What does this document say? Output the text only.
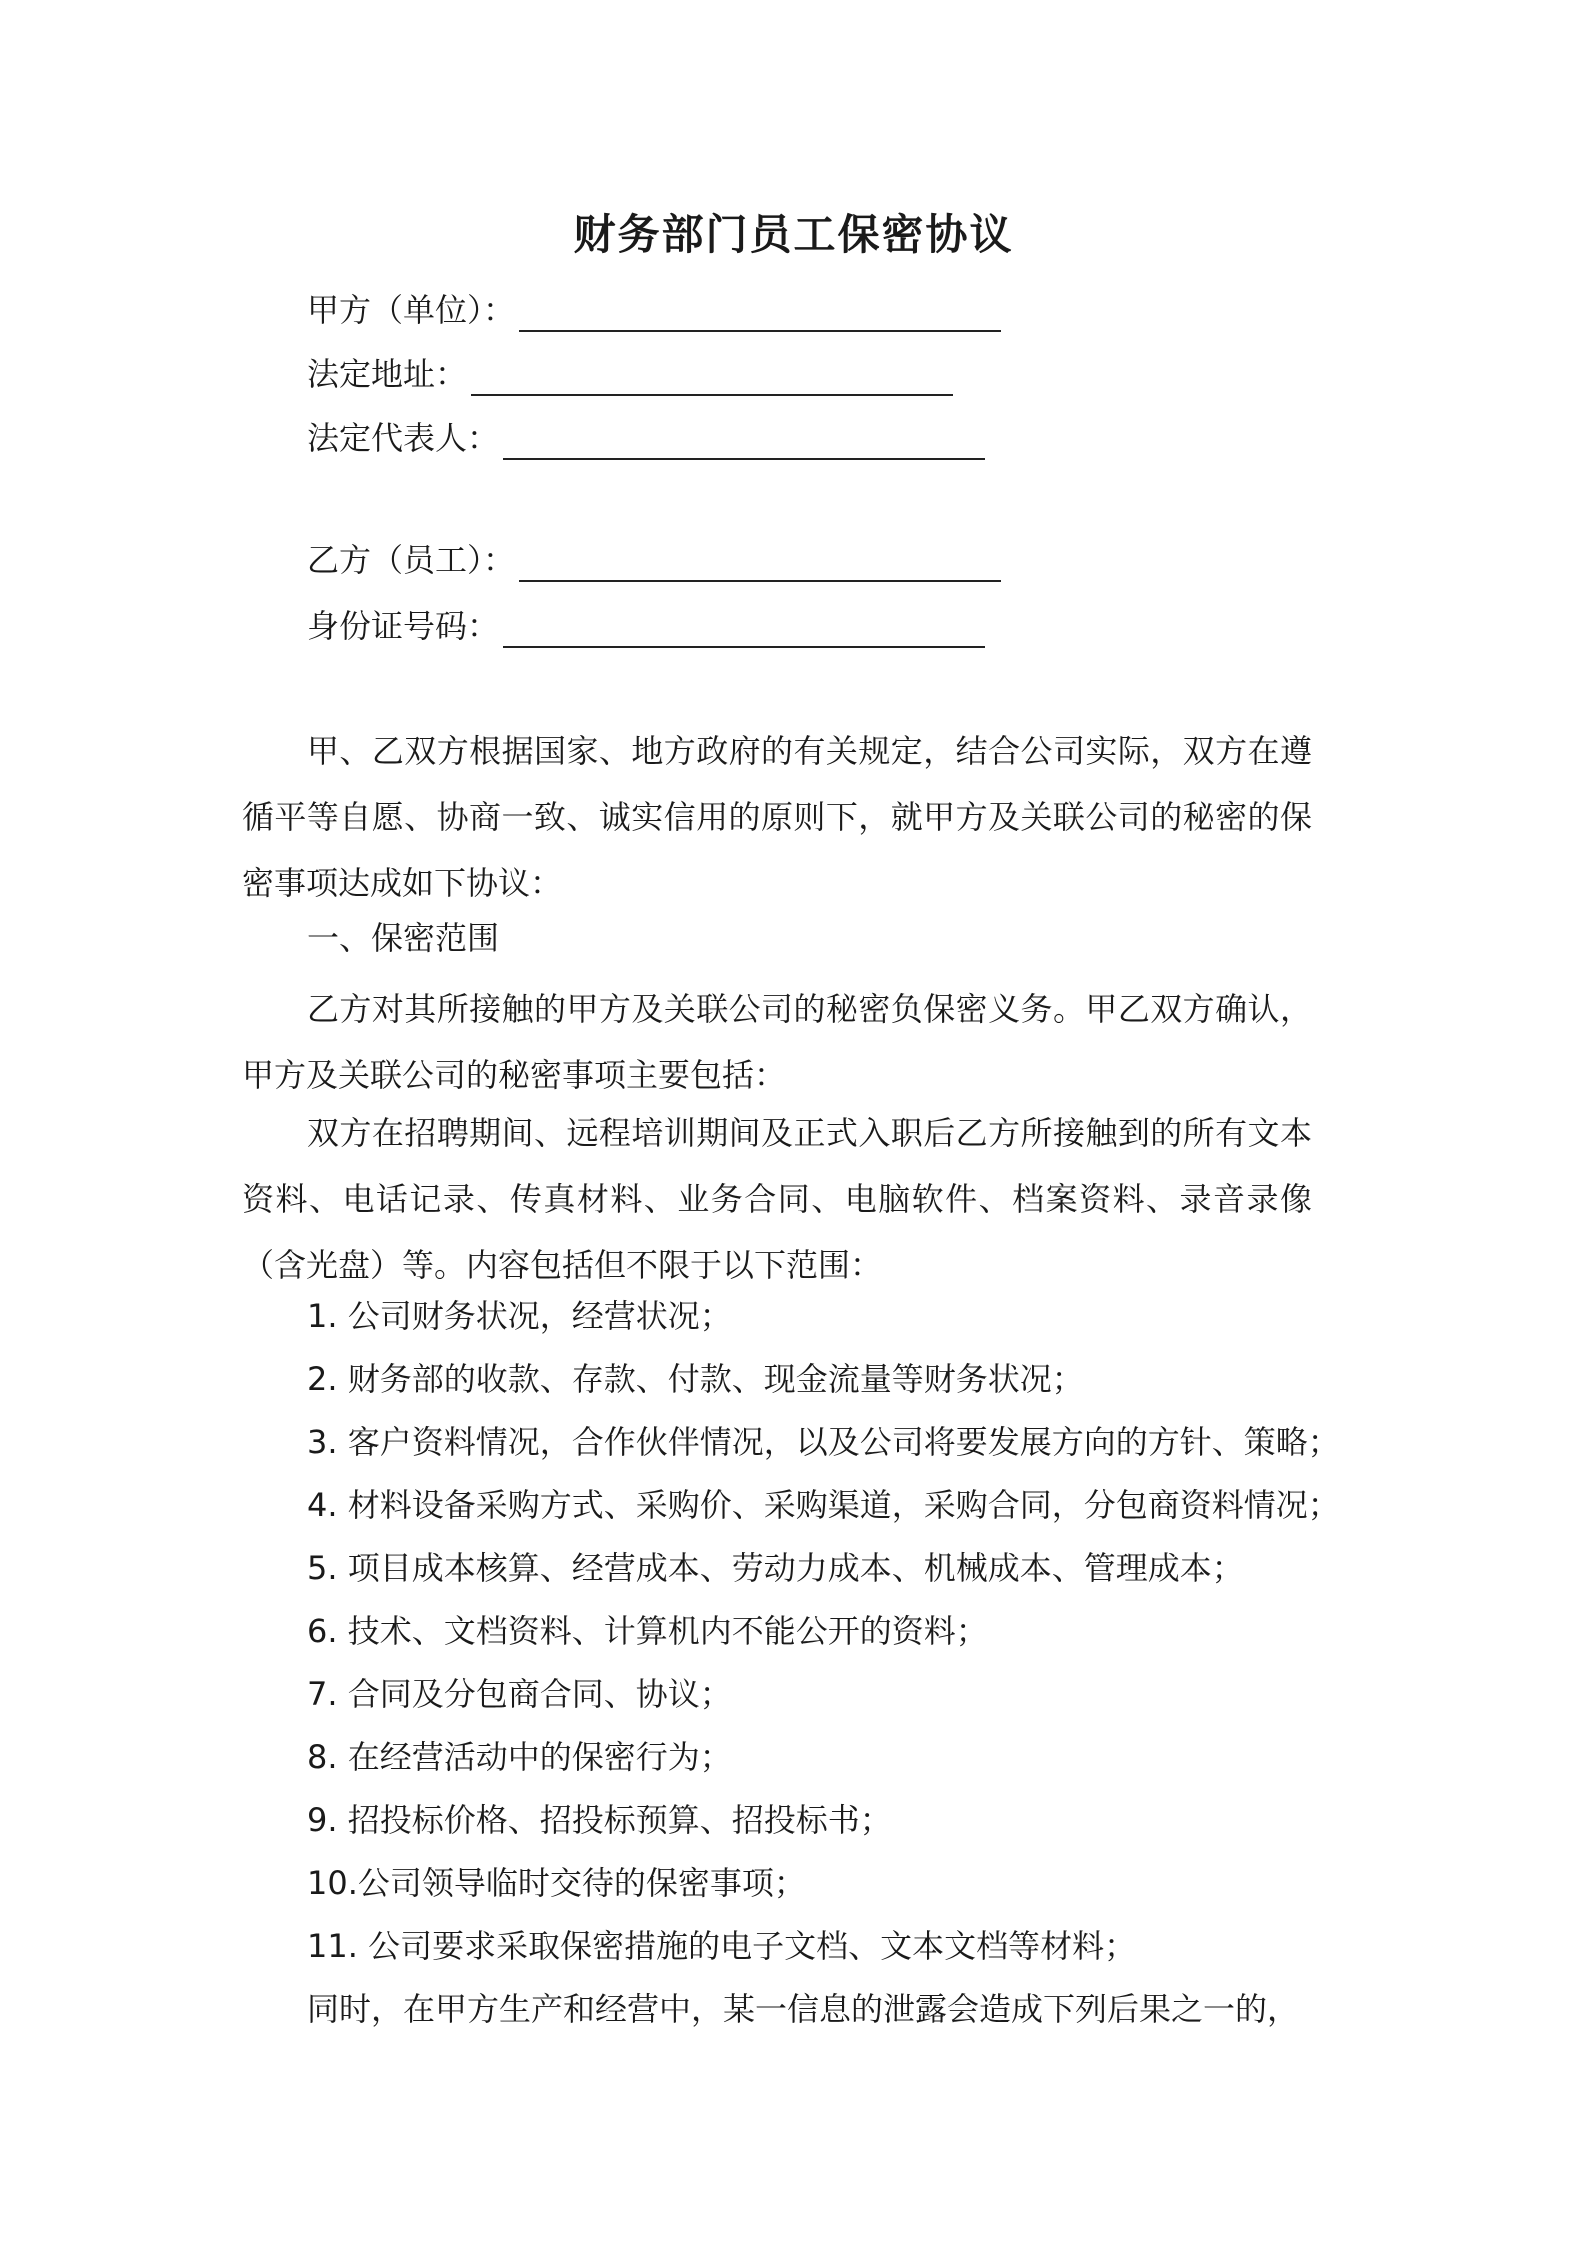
财务部门员工保密协议
甲方（单位）：
法定地址：
法定代表人：
乙方（员工）：
身份证号码：

甲、乙双方根据国家、地方政府的有关规定，结合公司实际，双方在遵循平等自愿、协商一致、诚实信用的原则下，就甲方及关联公司的秘密的保密事项达成如下协议：

一、保密范围

乙方对其所接触的甲方及关联公司的秘密负保密义务。甲乙双方确认，甲方及关联公司的秘密事项主要包括：

双方在招聘期间、远程培训期间及正式入职后乙方所接触到的所有文本资料、电话记录、传真材料、业务合同、电脑软件、档案资料、录音录像（含光盘）等。内容包括但不限于以下范围：

1. 公司财务状况，经营状况；
2. 财务部的收款、存款、付款、现金流量等财务状况；
3. 客户资料情况，合作伙伴情况，以及公司将要发展方向的方针、策略；
4. 材料设备采购方式、采购价、采购渠道，采购合同，分包商资料情况；
5. 项目成本核算、经营成本、劳动力成本、机械成本、管理成本；
6. 技术、文档资料、计算机内不能公开的资料；
7. 合同及分包商合同、协议；
8. 在经营活动中的保密行为；
9. 招投标价格、招投标预算、招投标书；
10.公司领导临时交待的保密事项；
11. 公司要求采取保密措施的电子文档、文本文档等材料；
同时，在甲方生产和经营中，某一信息的泄露会造成下列后果之一的，
